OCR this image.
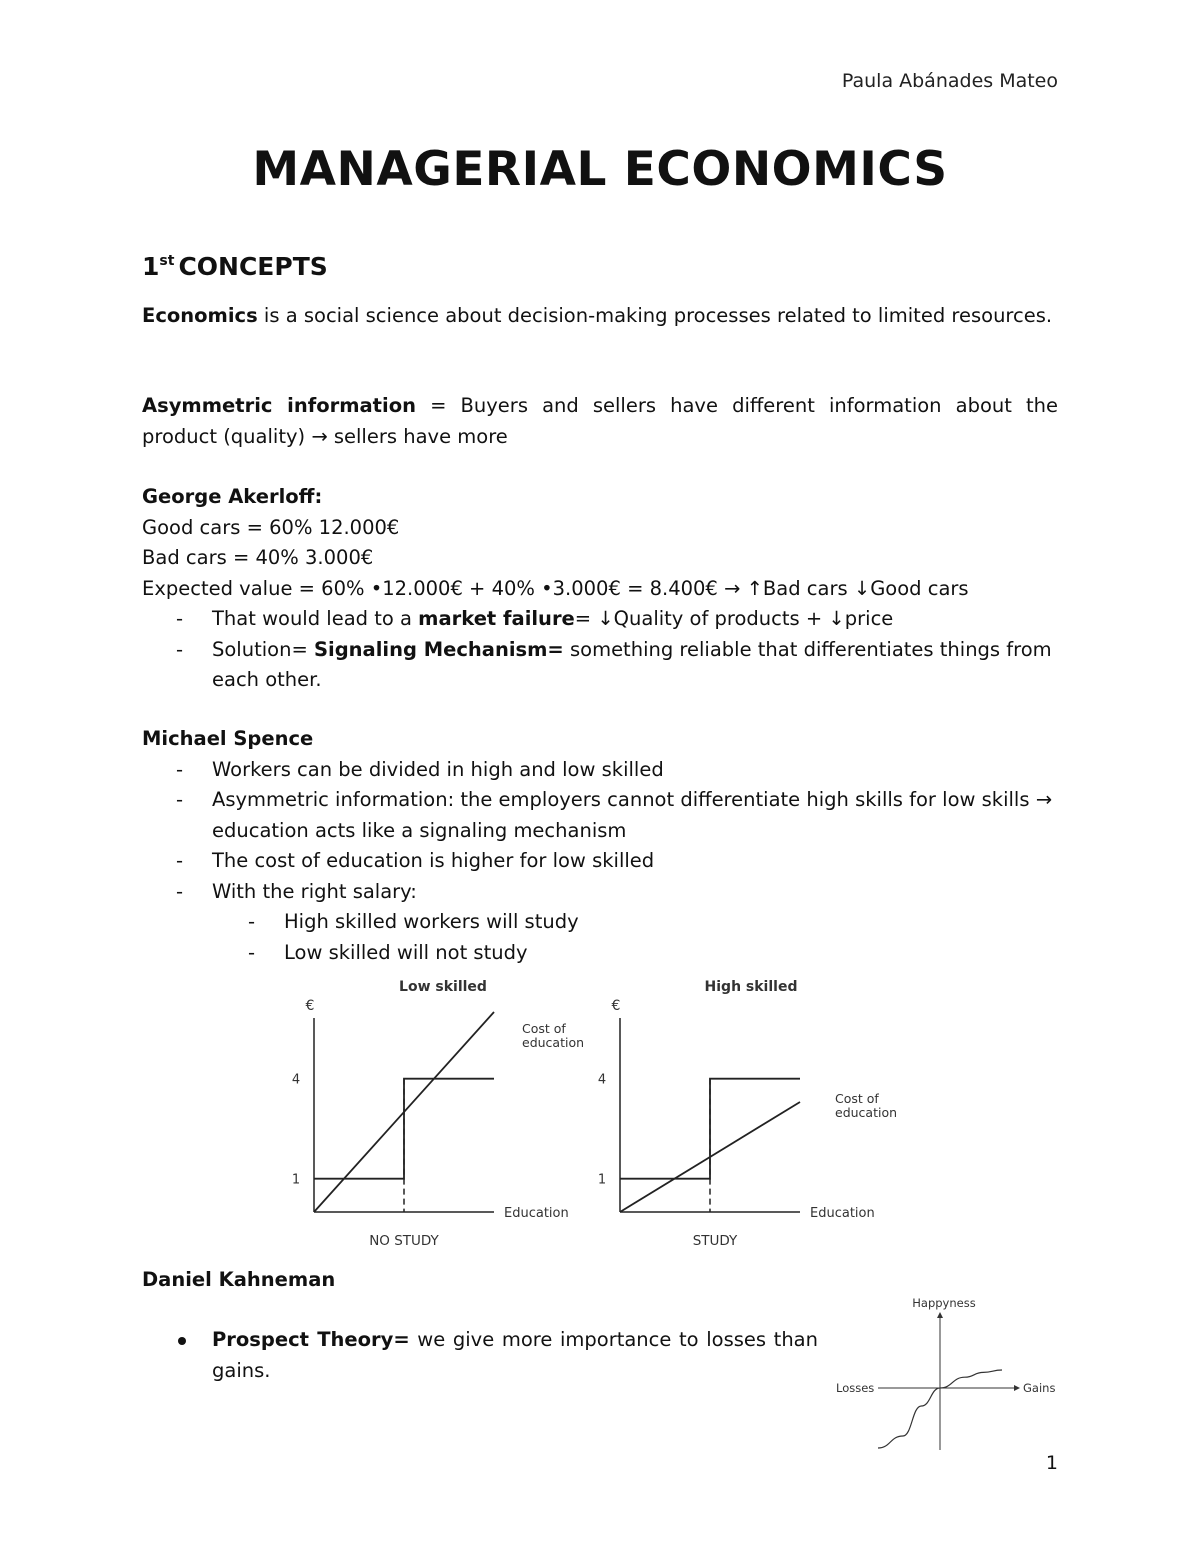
Paula Abánades Mateo
MANAGERIAL ECONOMICS
1st CONCEPTS
Economics is a social science about decision-making processes related to limited resources.
Asymmetric information = Buyers and sellers have different information about the product (quality) → sellers have more
George Akerloff:
Good cars = 60% 12.000€
Bad cars = 40% 3.000€
Expected value = 60% •12.000€ + 40% •3.000€ = 8.400€ → ↑Bad cars ↓Good cars
- That would lead to a market failure= ↓Quality of products + ↓price
- Solution= Signaling Mechanism= something reliable that differentiates things from each other.
Michael Spence
- Workers can be divided in high and low skilled
- Asymmetric information: the employers cannot differentiate high skills for low skills → education acts like a signaling mechanism
- The cost of education is higher for low skilled
- With the right salary:
- High skilled workers will study
- Low skilled will not study
Low skilled
€
Education
NO STUDY
1
4
Cost of
education
High skilled
€
Education
STUDY
1
4
Cost of
education
Happyness
Losses	Gains
Daniel Kahneman
Prospect Theory= we give more importance to losses than gains.
1
